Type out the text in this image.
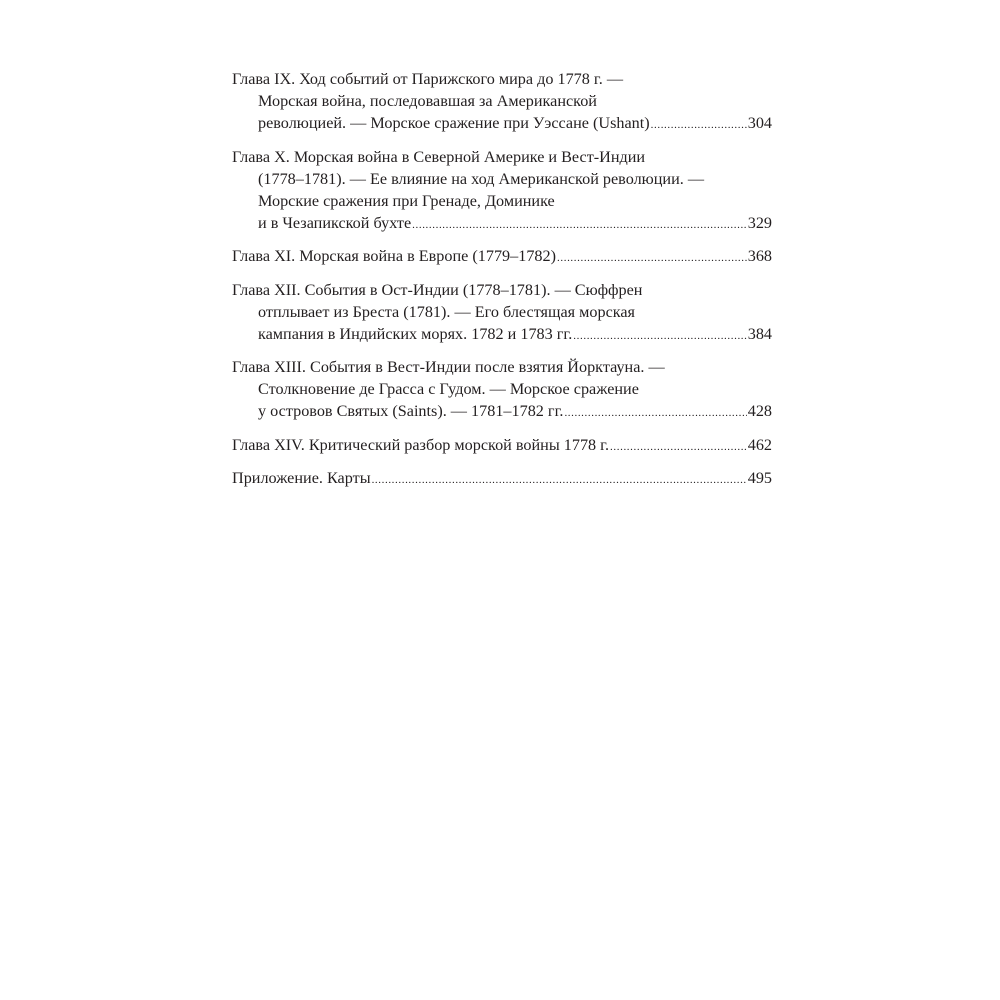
Глава IX. Ход событий от Парижского мира до 1778 г. —
Морская война, последовавшая за Американской
революцией. — Морское сражение при Уэссане (Ushant) .....	304
Глава X. Морская война в Северной Америке и Вест-Индии
(1778–1781). — Ее влияние на ход Американской революции. —
Морские сражения при Гренаде, Доминике
и в Чезапикской бухте .....	329
Глава XI. Морская война в Европе (1779–1782) .....	368
Глава XII. События в Ост-Индии (1778–1781). — Сюффрен
отплывает из Бреста (1781). — Его блестящая морская
кампания в Индийских морях. 1782 и 1783 гг. .....	384
Глава XIII. События в Вест-Индии после взятия Йорктауна. —
Столкновение де Грасса с Гудом. — Морское сражение
у островов Святых (Saints). — 1781–1782 гг. .....	428
Глава XIV. Критический разбор морской войны 1778 г. .....	462
Приложение. Карты .....	495
